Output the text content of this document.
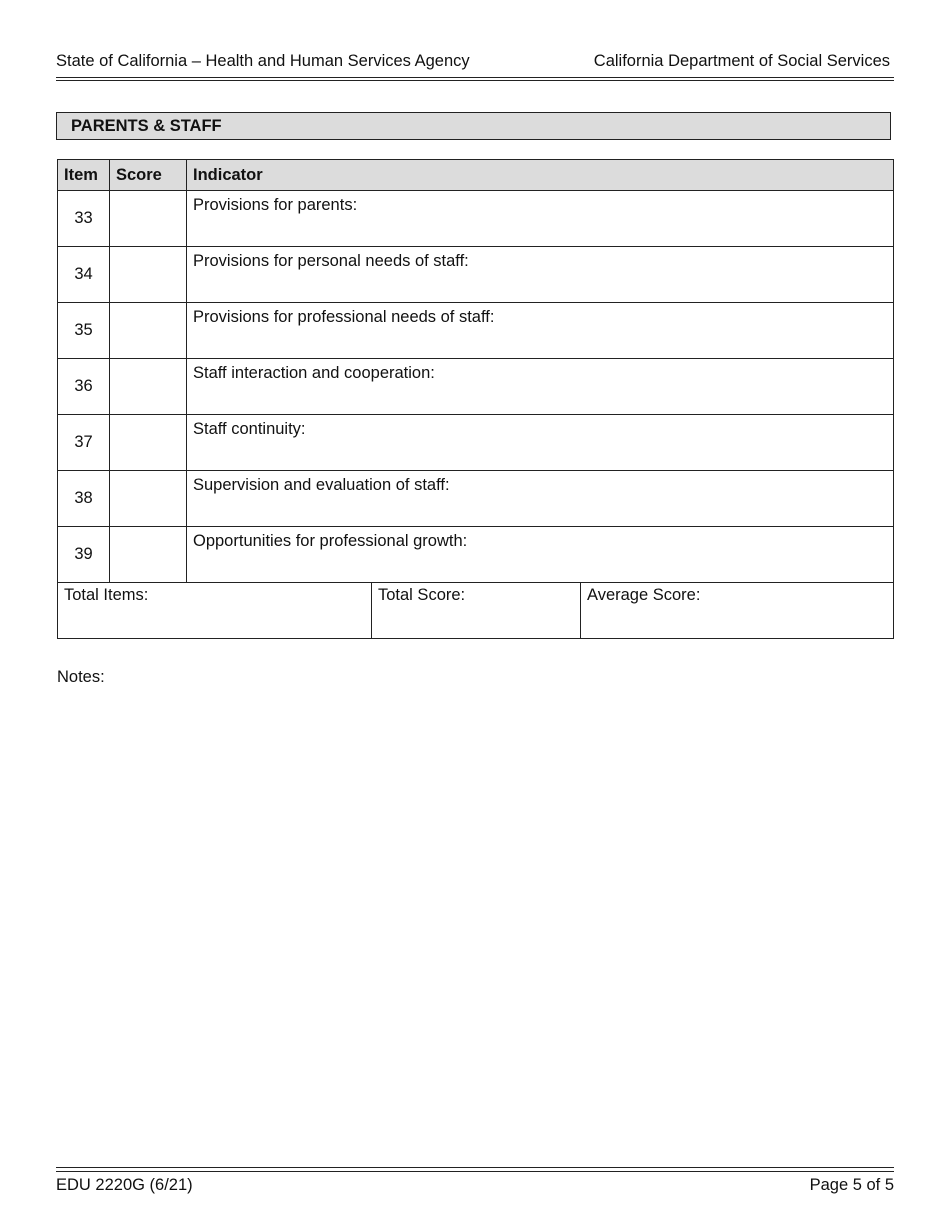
State of California – Health and Human Services Agency	California Department of Social Services
PARENTS & STAFF
Item	Score	Indicator
33		Provisions for parents:
34		Provisions for personal needs of staff:
35		Provisions for professional needs of staff:
36		Staff interaction and cooperation:
37		Staff continuity:
38		Supervision and evaluation of staff:
39		Opportunities for professional growth:
Total Items:	Total Score:	Average Score:
Notes:
EDU 2220G (6/21)	Page 5 of 5
